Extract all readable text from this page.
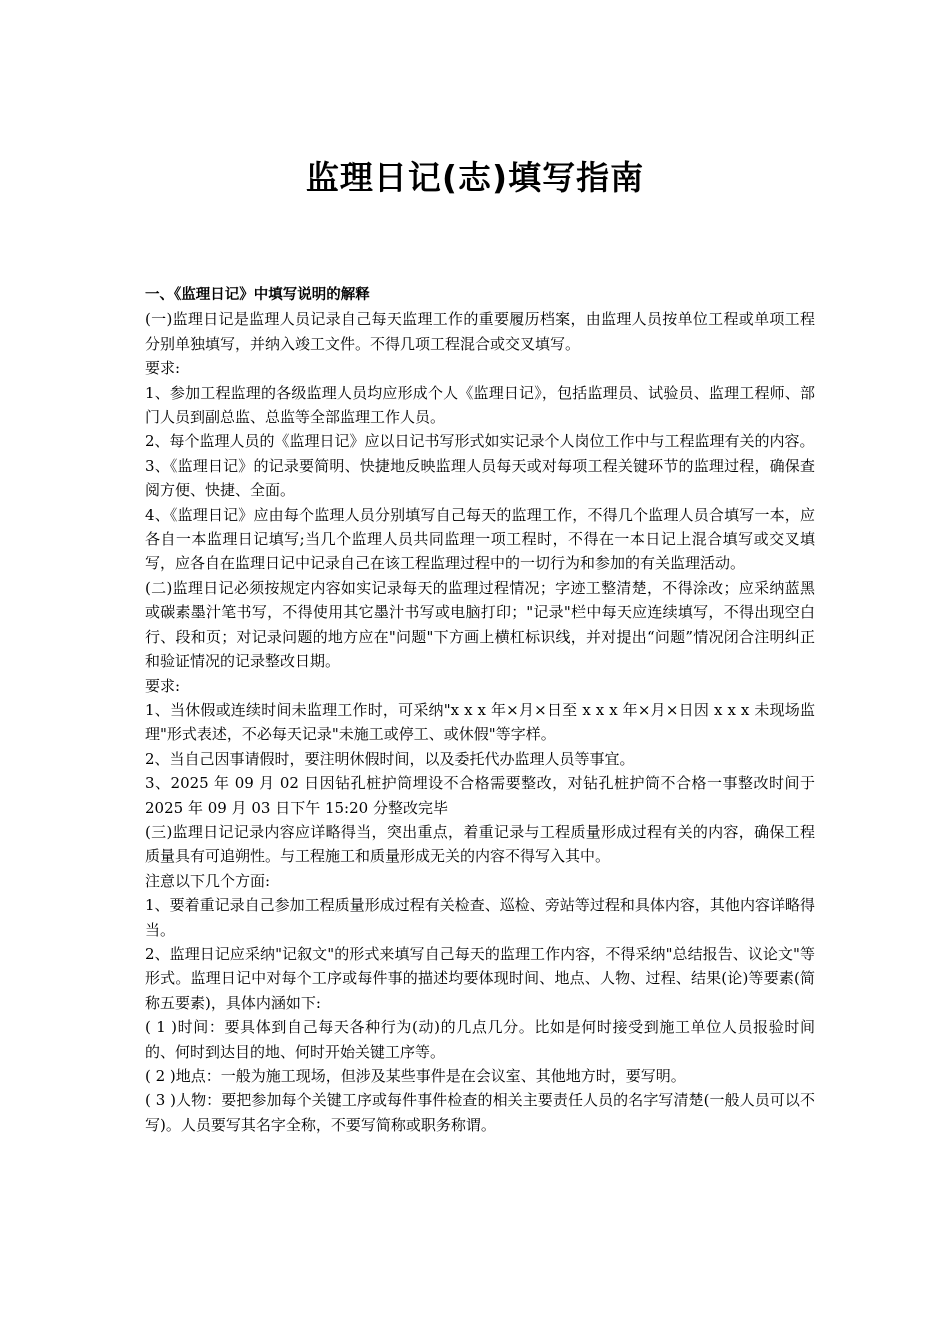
监理日记(志)填写指南

一、《监理日记》中填写说明的解释

(一)监理日记是监理人员记录自己每天监理工作的重要履历档案，由监理人员按单位工程或单项工程分别单独填写，并纳入竣工文件。不得几项工程混合或交叉填写。

要求:

1、参加工程监理的各级监理人员均应形成个人《监理日记》，包括监理员、试验员、监理工程师、部门人员到副总监、总监等全部监理工作人员。

2、每个监理人员的《监理日记》应以日记书写形式如实记录个人岗位工作中与工程监理有关的内容。

3、《监理日记》的记录要简明、快捷地反映监理人员每天或对每项工程关键环节的监理过程，确保查阅方便、快捷、全面。

4、《监理日记》应由每个监理人员分别填写自己每天的监理工作，不得几个监理人员合填写一本，应各自一本监理日记填写;当几个监理人员共同监理一项工程时，不得在一本日记上混合填写或交叉填写，应各自在监理日记中记录自己在该工程监理过程中的一切行为和参加的有关监理活动。

(二)监理日记必须按规定内容如实记录每天的监理过程情况；字迹工整清楚，不得涂改；应采纳蓝黑或碳素墨汁笔书写，不得使用其它墨汁书写或电脑打印；"记录"栏中每天应连续填写，不得出现空白行、段和页；对记录问题的地方应在"问题"下方画上横杠标识线，并对提出“问题”情况闭合注明纠正和验证情况的记录整改日期。

要求:

1、当休假或连续时间未监理工作时，可采纳"x x x 年×月×日至 x x x 年×月×日因 x x x 未现场监理"形式表述，不必每天记录"未施工或停工、或休假"等字样。

2、当自己因事请假时，要注明休假时间，以及委托代办监理人员等事宜。

3、2025 年 09 月 02 日因钻孔桩护筒埋设不合格需要整改，对钻孔桩护筒不合格一事整改时间于 2025 年 09 月 03 日下午 15:20 分整改完毕

(三)监理日记记录内容应详略得当，突出重点，着重记录与工程质量形成过程有关的内容，确保工程质量具有可追朔性。与工程施工和质量形成无关的内容不得写入其中。

注意以下几个方面:

1、要着重记录自己参加工程质量形成过程有关检查、巡检、旁站等过程和具体内容，其他内容详略得当。

2、监理日记应采纳"记叙文"的形式来填写自己每天的监理工作内容，不得采纳"总结报告、议论文"等形式。监理日记中对每个工序或每件事的描述均要体现时间、地点、人物、过程、结果(论)等要素(简称五要素)，具体内涵如下:

( 1 )时间：要具体到自己每天各种行为(动)的几点几分。比如是何时接受到施工单位人员报验时间的、何时到达目的地、何时开始关键工序等。

( 2 )地点：一般为施工现场，但涉及某些事件是在会议室、其他地方时，要写明。

( 3 )人物：要把参加每个关键工序或每件事件检查的相关主要责任人员的名字写清楚(一般人员可以不写)。人员要写其名字全称，不要写简称或职务称谓。
